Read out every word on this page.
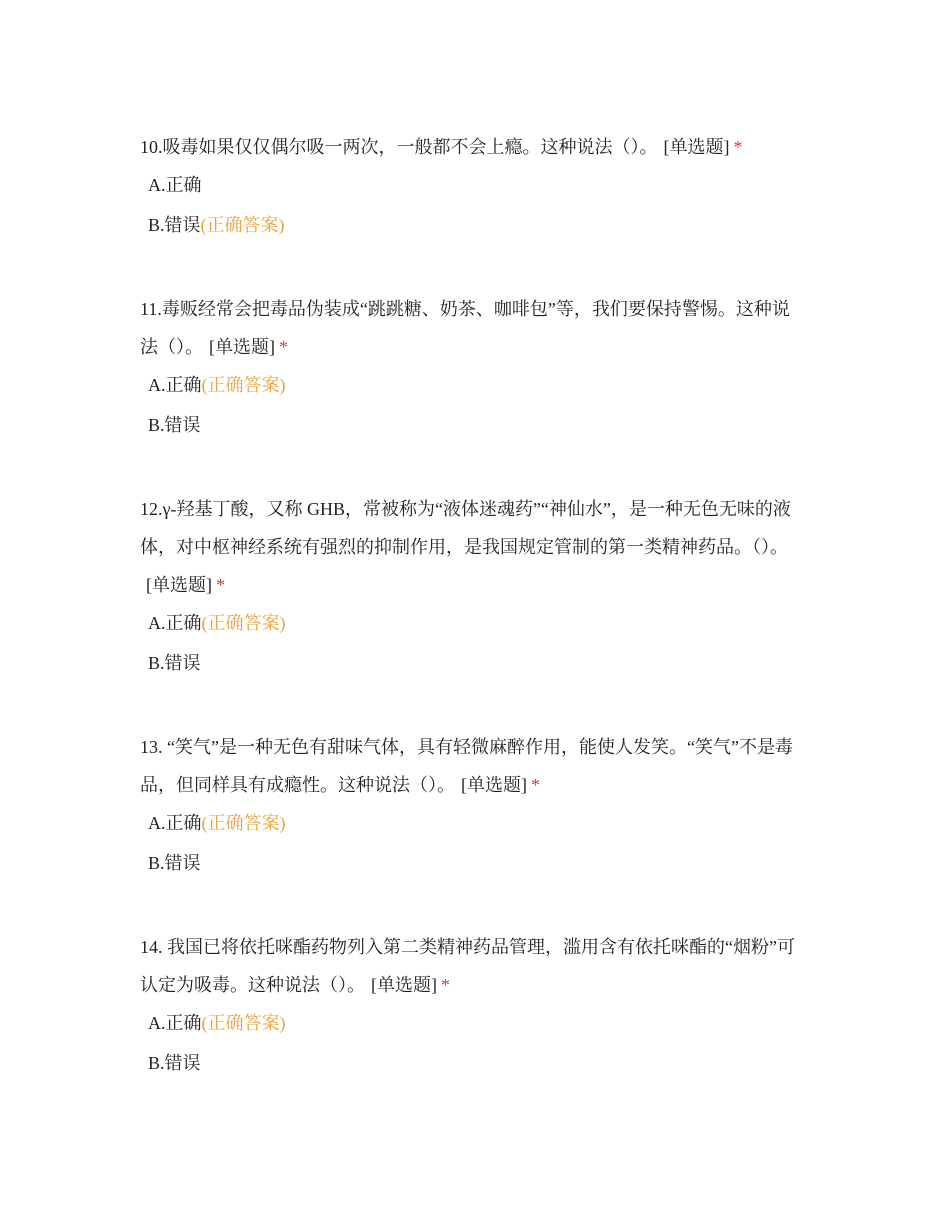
10.吸毒如果仅仅偶尔吸一两次，一般都不会上瘾。这种说法（）。 [单选题] *

A. 正确
B. 错误 (正确答案)

11.毒贩经常会把毒品伪装成“跳跳糖、奶茶、咖啡包”等，我们要保持警惕。这种说法（）。 [单选题] *

A. 正确 (正确答案)
B. 错误

12.γ-羟基丁酸，又称 GHB，常被称为“液体迷魂药”“神仙水”，是一种无色无味的液体，对中枢神经系统有强烈的抑制作用，是我国规定管制的第一类精神药品。（）。[单选题] *

A. 正确 (正确答案)
B. 错误

13. “笑气”是一种无色有甜味气体，具有轻微麻醉作用，能使人发笑。“笑气”不是毒品，但同样具有成瘾性。这种说法（）。 [单选题] *

A. 正确 (正确答案)
B. 错误

14. 我国已将依托咪酯药物列入第二类精神药品管理，滥用含有依托咪酯的“烟粉”可认定为吸毒。这种说法（）。 [单选题] *

A. 正确 (正确答案)
B. 错误
